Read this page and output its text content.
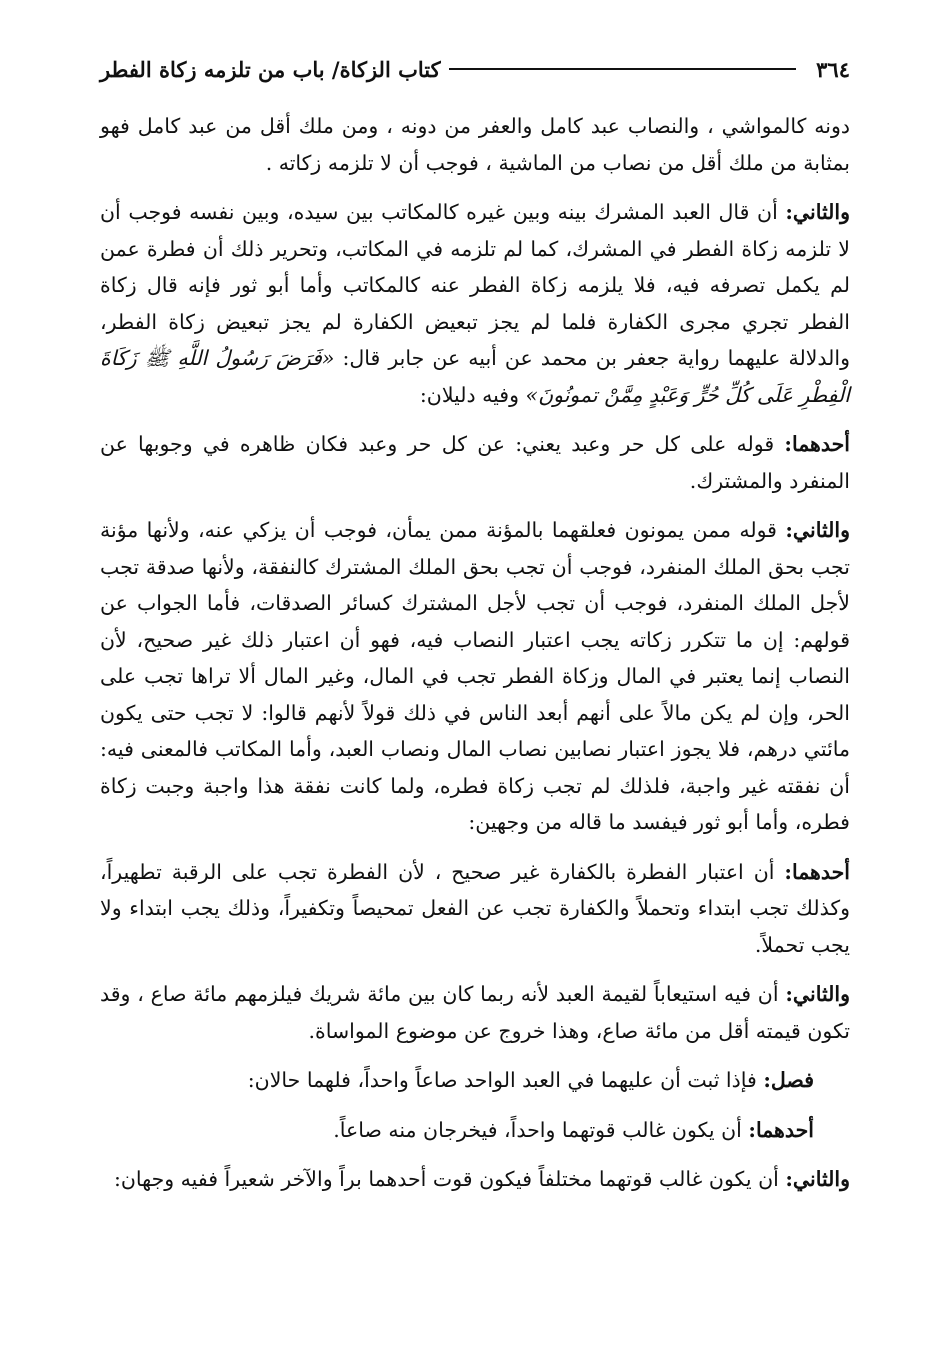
٣٦٤
كتاب الزكاة/ باب من تلزمه زكاة الفطر

دونه كالمواشي ، والنصاب عبد كامل والعفر من دونه ، ومن ملك أقل من عبد كامل فهو بمثابة من ملك أقل من نصاب من الماشية ، فوجب أن لا تلزمه زكاته .

والثاني: أن قال العبد المشرك بينه وبين غيره كالمكاتب بين سيده، وبين نفسه فوجب أن لا تلزمه زكاة الفطر في المشرك، كما لم تلزمه في المكاتب، وتحرير ذلك أن فطرة عمن لم يكمل تصرفه فيه، فلا يلزمه زكاة الفطر عنه كالمكاتب وأما أبو ثور فإنه قال زكاة الفطر تجري مجرى الكفارة فلما لم يجز تبعيض الكفارة لم يجز تبعيض زكاة الفطر، والدلالة عليهما رواية جعفر بن محمد عن أبيه عن جابر قال: «فَرَضَ رَسُولُ اللَّهِ ﷺ زَكَاةَ الْفِطْرِ عَلَى كُلِّ حُرٍّ وَعَبْدٍ مِمَّنْ تمونُونَ» وفيه دليلان:

أحدهما: قوله على كل حر وعبد يعني: عن كل حر وعبد فكان ظاهره في وجوبها عن المنفرد والمشترك.

والثاني: قوله ممن يمونون فعلقهما بالمؤنة ممن يمأن، فوجب أن يزكي عنه، ولأنها مؤنة تجب بحق الملك المنفرد، فوجب أن تجب بحق الملك المشترك كالنفقة، ولأنها صدقة تجب لأجل الملك المنفرد، فوجب أن تجب لأجل المشترك كسائر الصدقات، فأما الجواب عن قولهم: إن ما تتكرر زكاته يجب اعتبار النصاب فيه، فهو أن اعتبار ذلك غير صحيح، لأن النصاب إنما يعتبر في المال وزكاة الفطر تجب في المال، وغير المال ألا تراها تجب على الحر، وإن لم يكن مالاً على أنهم أبعد الناس في ذلك قولاً لأنهم قالوا: لا تجب حتى يكون مائتي درهم، فلا يجوز اعتبار نصابين نصاب المال ونصاب العبد، وأما المكاتب فالمعنى فيه: أن نفقته غير واجبة، فلذلك لم تجب زكاة فطره، ولما كانت نفقة هذا واجبة وجبت زكاة فطره، وأما أبو ثور فيفسد ما قاله من وجهين:

أحدهما: أن اعتبار الفطرة بالكفارة غير صحيح ، لأن الفطرة تجب على الرقبة تطهيراً، وكذلك تجب ابتداء وتحملاً والكفارة تجب عن الفعل تمحيصاً وتكفيراً، وذلك يجب ابتداء ولا يجب تحملاً.

والثاني: أن فيه استيعاباً لقيمة العبد لأنه ربما كان بين مائة شريك فيلزمهم مائة صاع ، وقد تكون قيمته أقل من مائة صاع، وهذا خروج عن موضوع المواساة.

فصل: فإذا ثبت أن عليهما في العبد الواحد صاعاً واحداً، فلهما حالان:

أحدهما: أن يكون غالب قوتهما واحداً، فيخرجان منه صاعاً.

والثاني: أن يكون غالب قوتهما مختلفاً فيكون قوت أحدهما براً والآخر شعيراً ففيه وجهان:
